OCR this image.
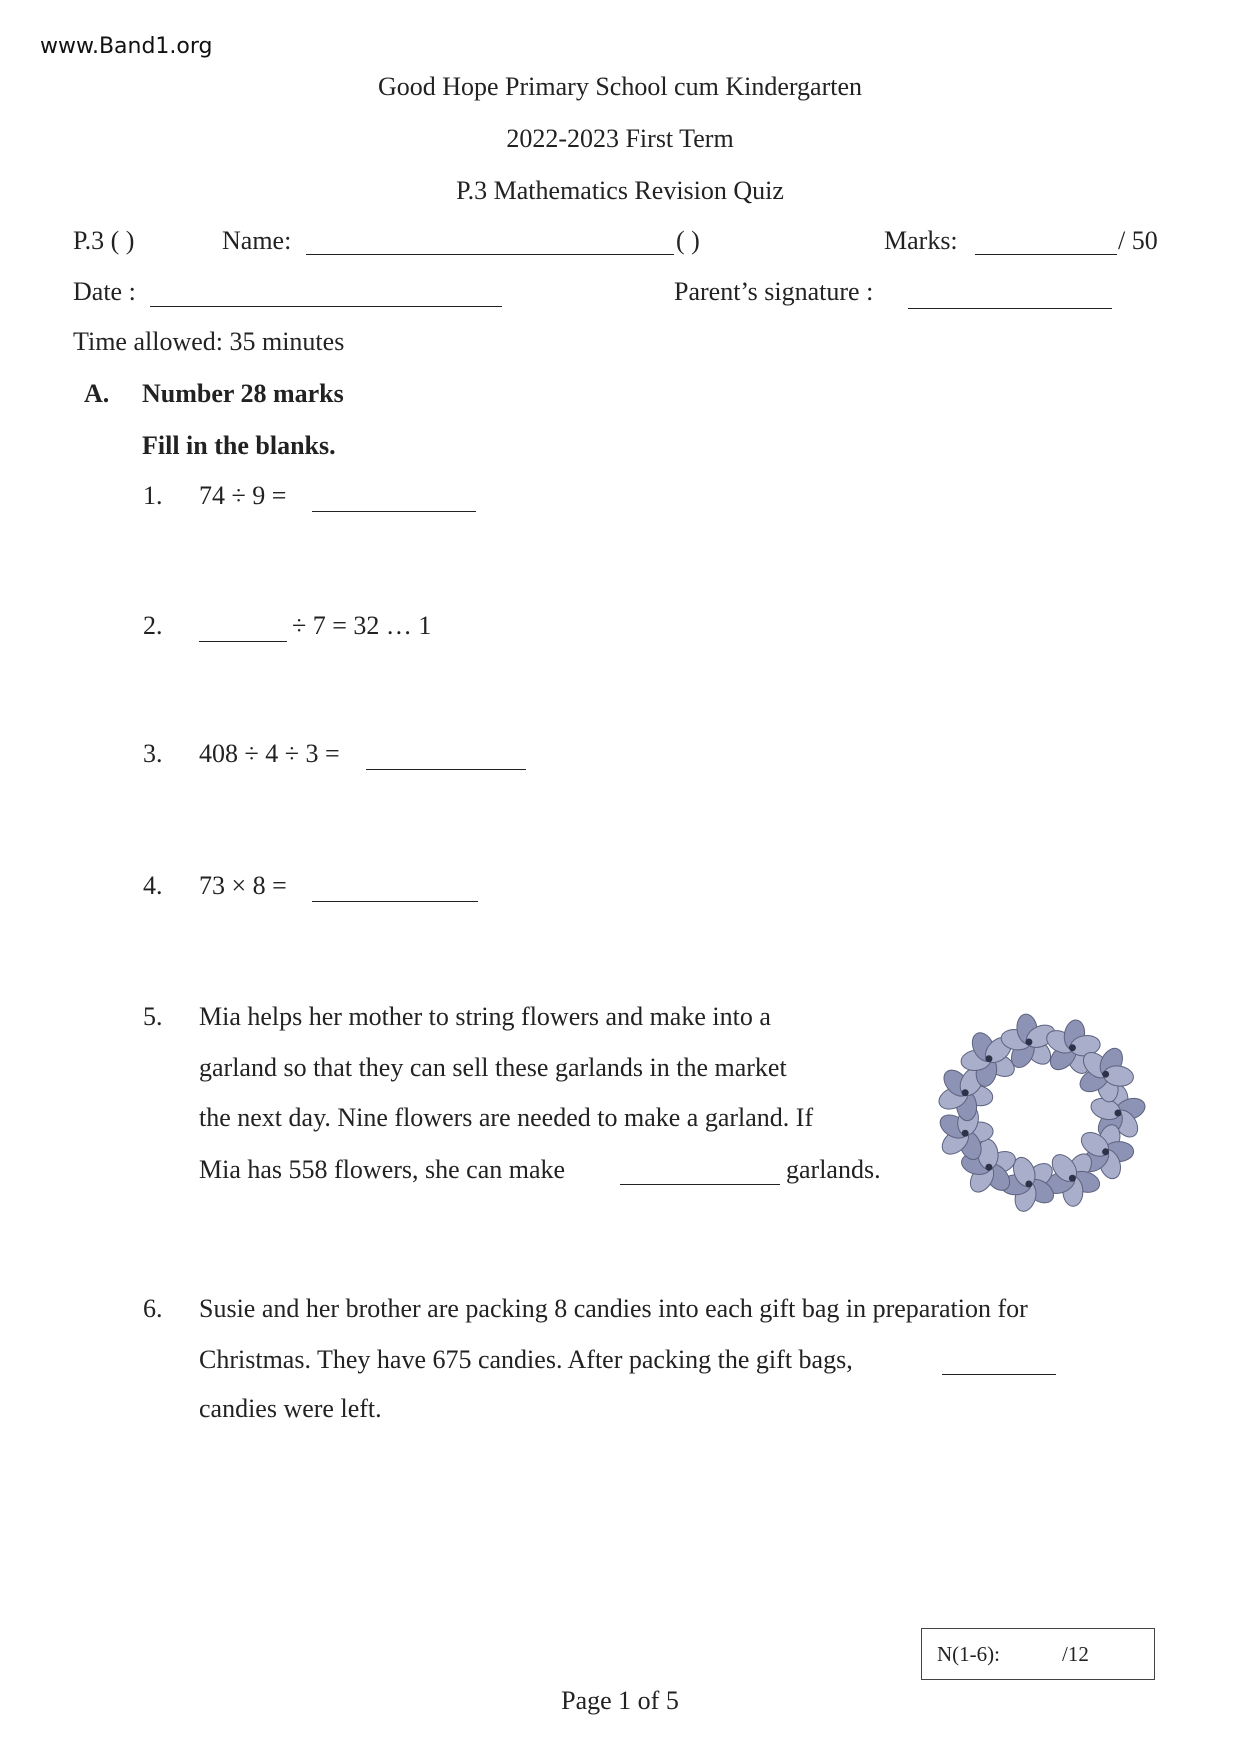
www.Band1.org
Good Hope Primary School cum Kindergarten
2022-2023 First Term
P.3 Mathematics Revision Quiz
P.3 ( )	Name:	( )	Marks:	/ 50
Date :	Parent’s signature :
Time allowed: 35 minutes
A. Number 28 marks
Fill in the blanks.
1. 74 ÷ 9 =
2.	÷ 7 = 32 … 1
3. 408 ÷ 4 ÷ 3 =
4. 73 × 8 =
5. Mia helps her mother to string flowers and make into a
garland so that they can sell these garlands in the market
the next day. Nine flowers are needed to make a garland. If
Mia has 558 flowers, she can make	garlands.
6. Susie and her brother are packing 8 candies into each gift bag in preparation for
Christmas. They have 675 candies. After packing the gift bags,
candies were left.
N(1-6):	/12
Page 1 of 5
